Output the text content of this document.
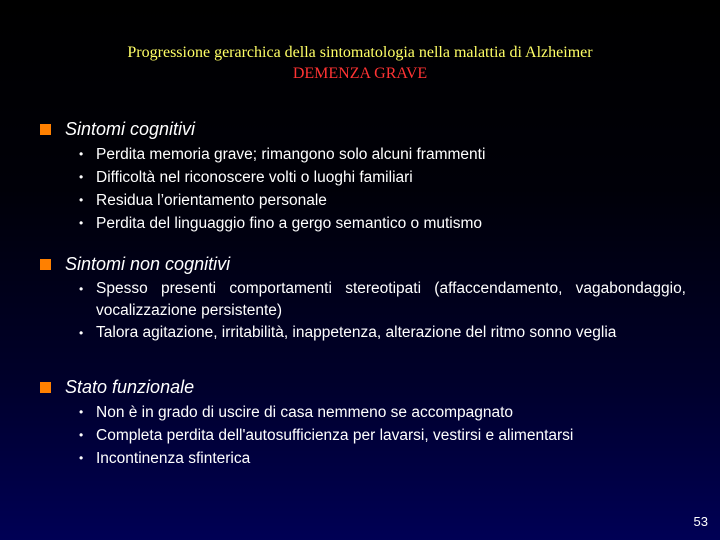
Progressione gerarchica della sintomatologia nella malattia di Alzheimer
DEMENZA GRAVE
Sintomi cognitivi
• Perdita memoria grave; rimangono solo alcuni frammenti
• Difficoltà nel riconoscere volti o luoghi familiari
• Residua l’orientamento personale
• Perdita del linguaggio fino a gergo semantico o mutismo
Sintomi non cognitivi
• Spesso presenti comportamenti stereotipati (affaccendamento, vagabondaggio, vocalizzazione persistente)
• Talora agitazione, irritabilità, inappetenza, alterazione del ritmo sonno veglia
Stato funzionale
• Non è in grado di uscire di casa nemmeno se accompagnato
• Completa perdita dell'autosufficienza per lavarsi, vestirsi e alimentarsi
• Incontinenza sfinterica
53
